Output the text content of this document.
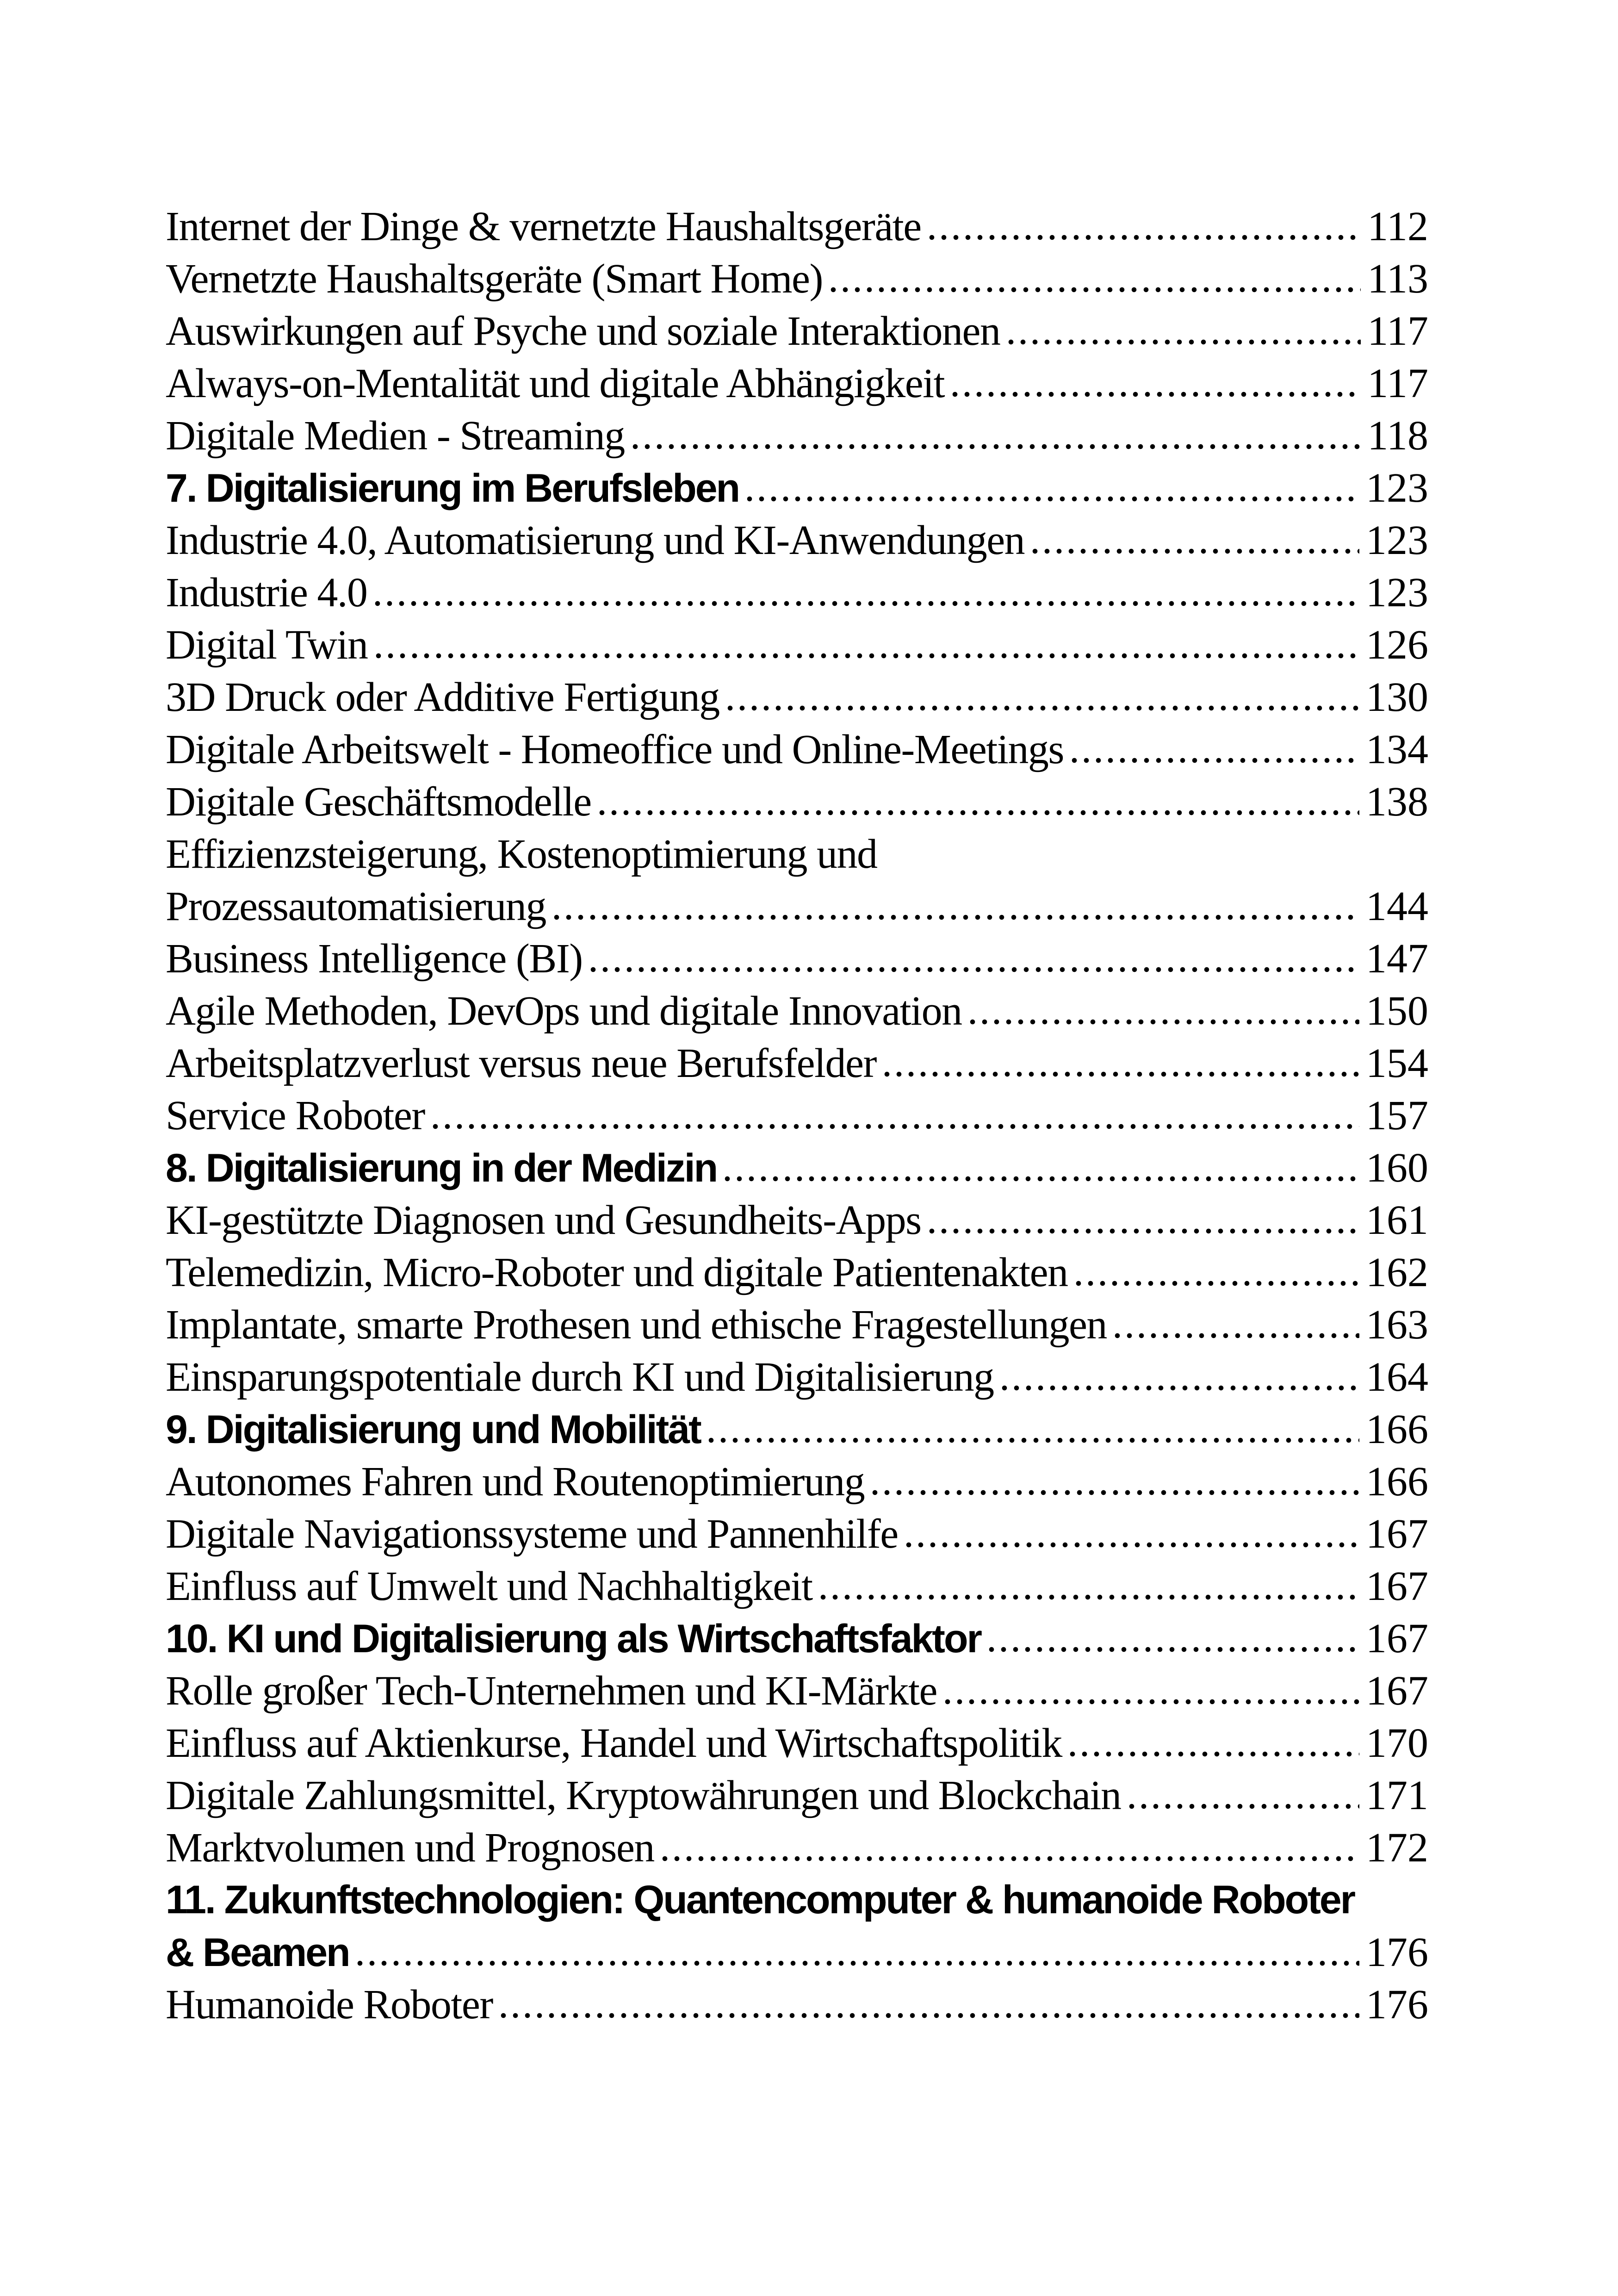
Internet der Dinge & vernetzte Haushaltsgeräte	112
Vernetzte Haushaltsgeräte (Smart Home)	113
Auswirkungen auf Psyche und soziale Interaktionen	117
Always-on-Mentalität und digitale Abhängigkeit	117
Digitale Medien - Streaming	118
7. Digitalisierung im Berufsleben	123
Industrie 4.0, Automatisierung und KI-Anwendungen	123
Industrie 4.0	123
Digital Twin	126
3D Druck oder Additive Fertigung	130
Digitale Arbeitswelt - Homeoffice und Online-Meetings	134
Digitale Geschäftsmodelle	138
Effizienzsteigerung, Kostenoptimierung und
Prozessautomatisierung	144
Business Intelligence (BI)	147
Agile Methoden, DevOps und digitale Innovation	150
Arbeitsplatzverlust versus neue Berufsfelder	154
Service Roboter	157
8. Digitalisierung in der Medizin	160
KI-gestützte Diagnosen und Gesundheits-Apps	161
Telemedizin, Micro-Roboter und digitale Patientenakten	162
Implantate, smarte Prothesen und ethische Fragestellungen	163
Einsparungspotentiale durch KI und Digitalisierung	164
9. Digitalisierung und Mobilität	166
Autonomes Fahren und Routenoptimierung	166
Digitale Navigationssysteme und Pannenhilfe	167
Einfluss auf Umwelt und Nachhaltigkeit	167
10. KI und Digitalisierung als Wirtschaftsfaktor	167
Rolle großer Tech-Unternehmen und KI-Märkte	167
Einfluss auf Aktienkurse, Handel und Wirtschaftspolitik	170
Digitale Zahlungsmittel, Kryptowährungen und Blockchain	171
Marktvolumen und Prognosen	172
11. Zukunftstechnologien: Quantencomputer & humanoide Roboter
& Beamen	176
Humanoide Roboter	176
